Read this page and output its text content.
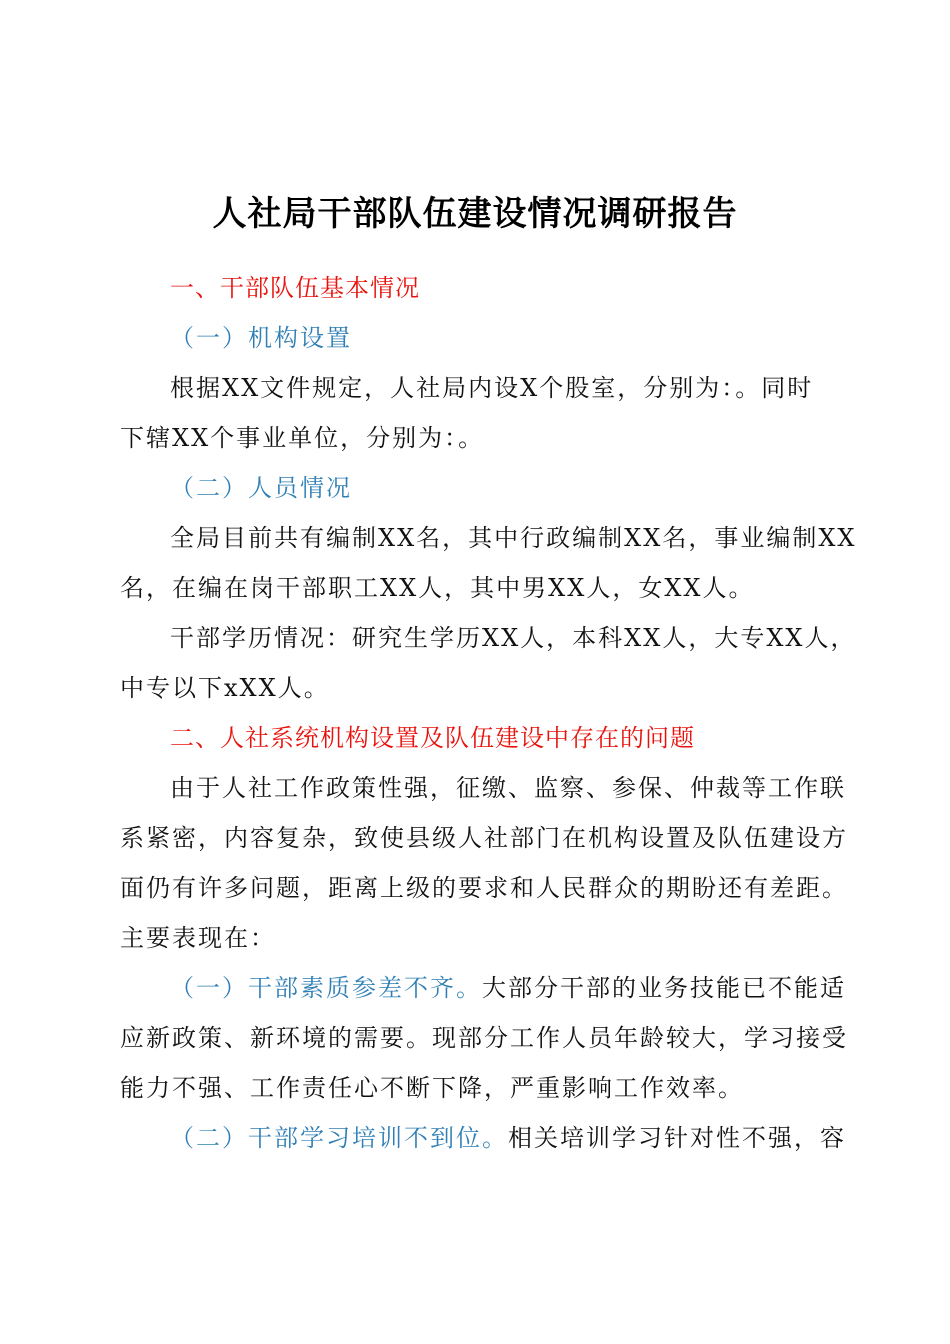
人社局干部队伍建设情况调研报告
一、干部队伍基本情况
（一）机构设置
根据XX文件规定，人社局内设X个股室，分别为：。同时
下辖XX个事业单位，分别为：。
（二）人员情况
全局目前共有编制XX名，其中行政编制XX名，事业编制XX
名，在编在岗干部职工XX人，其中男XX人，女XX人。
干部学历情况：研究生学历XX人，本科XX人，大专XX人，
中专以下xXX人。
二、人社系统机构设置及队伍建设中存在的问题
由于人社工作政策性强，征缴、监察、参保、仲裁等工作联
系紧密，内容复杂，致使县级人社部门在机构设置及队伍建设方
面仍有许多问题，距离上级的要求和人民群众的期盼还有差距。
主要表现在：
（一）干部素质参差不齐。大部分干部的业务技能已不能适
应新政策、新环境的需要。现部分工作人员年龄较大，学习接受
能力不强、工作责任心不断下降，严重影响工作效率。
（二）干部学习培训不到位。相关培训学习针对性不强，容
